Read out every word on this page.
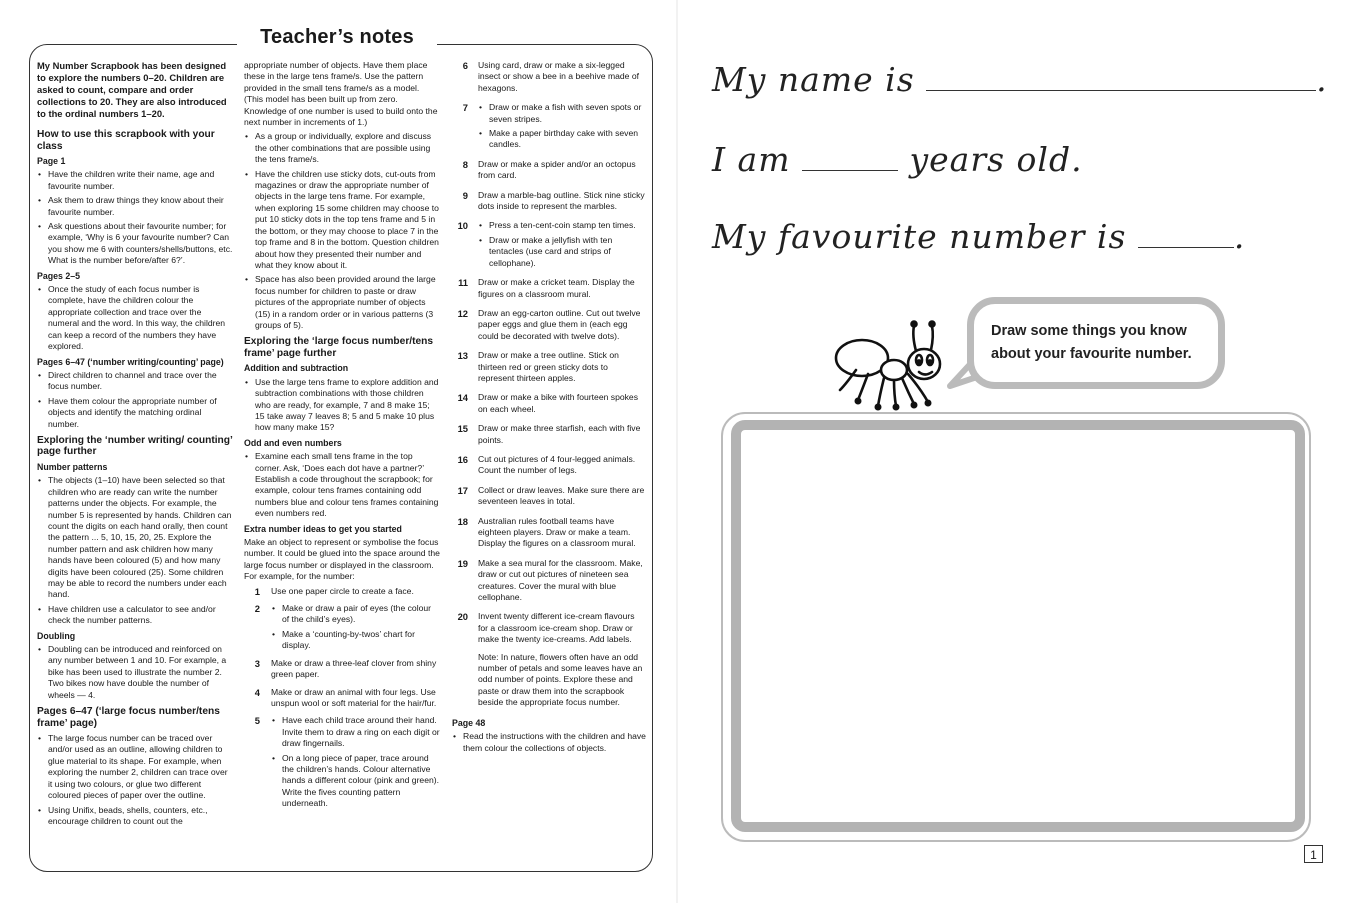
Teacher’s notes

My Number Scrapbook has been designed to explore the numbers 0–20. Children are asked to count, compare and order collections to 20. They are also introduced to the ordinal numbers 1–20.

How to use this scrapbook with your class
Page 1
• Have the children write their name, age and favourite number.
• Ask them to draw things they know about their favourite number.
• Ask questions about their favourite number; for example, ‘Why is 6 your favourite number? Can you show me 6 with counters/shells/buttons, etc. What is the number before/after 6?’.
Pages 2–5
• Once the study of each focus number is complete, have the children colour the appropriate collection and trace over the numeral and the word. In this way, the children can keep a record of the numbers they have explored.
Pages 6–47 (‘number writing/counting’ page)
• Direct children to channel and trace over the focus number.
• Have them colour the appropriate number of objects and identify the matching ordinal number.
Exploring the ‘number writing/ counting’ page further
Number patterns
• The objects (1–10) have been selected so that children who are ready can write the number patterns under the objects. For example, the number 5 is represented by hands. Children can count the digits on each hand orally, then count the pattern ... 5, 10, 15, 20, 25. Explore the number pattern and ask children how many hands have been coloured (5) and how many digits have been coloured (25). Some children may be able to record the numbers under each hand.
• Have children use a calculator to see and/or check the number patterns.
Doubling
• Doubling can be introduced and reinforced on any number between 1 and 10. For example, a bike has been used to illustrate the number 2. Two bikes now have double the number of wheels — 4.
Pages 6–47 (‘large focus number/tens frame’ page)
• The large focus number can be traced over and/or used as an outline, allowing children to glue material to its shape. For example, when exploring the number 2, children can trace over it using two colours, or glue two different coloured pieces of paper over the outline.
• Using Unifix, beads, shells, counters, etc., encourage children to count out the

appropriate number of objects. Have them place these in the large tens frame/s. Use the pattern provided in the small tens frame/s as a model. (This model has been built up from zero. Knowledge of one number is used to build onto the next number in increments of 1.)

• As a group or individually, explore and discuss the other combinations that are possible using the tens frame/s.
• Have the children use sticky dots, cut-outs from magazines or draw the appropriate number of objects in the large tens frame. For example, when exploring 15 some children may choose to put 10 sticky dots in the top tens frame and 5 in the bottom, or they may choose to place 7 in the top frame and 8 in the bottom. Question children about how they presented their number and what they know about it.
• Space has also been provided around the large focus number for children to paste or draw pictures of the appropriate number of objects (15) in a random order or in various patterns (3 groups of 5).
Exploring the ‘large focus number/tens frame’ page further
Addition and subtraction
• Use the large tens frame to explore addition and subtraction combinations with those children who are ready, for example, 7 and 8 make 15; 15 take away 7 leaves 8; 5 and 5 make 10 plus how many make 15?
Odd and even numbers
• Examine each small tens frame in the top corner. Ask, ‘Does each dot have a partner?’ Establish a code throughout the scrapbook; for example, colour tens frames containing odd numbers blue and colour tens frames containing even numbers red.
Extra number ideas to get you started

Make an object to represent or symbolise the focus number. It could be glued into the space around the large focus number or displayed in the classroom. For example, for the number:

1 Use one paper circle to create a face.
2	• Make or draw a pair of eyes (the colour of the child’s eyes).
• Make a ‘counting-by-twos’ chart for display.
3 Make or draw a three-leaf clover from shiny green paper.
4 Make or draw an animal with four legs. Use unspun wool or soft material for the hair/fur.
5	• Have each child trace around their hand. Invite them to draw a ring on each digit or draw fingernails.
• On a long piece of paper, trace around the children’s hands. Colour alternative hands a different colour (pink and green). Write the fives counting pattern underneath.
6 Using card, draw or make a six-legged insect or show a bee in a beehive made of hexagons.
7	• Draw or make a fish with seven spots or seven stripes.
• Make a paper birthday cake with seven candles.
8 Draw or make a spider and/or an octopus from card.
9 Draw a marble-bag outline. Stick nine sticky dots inside to represent the marbles.
10	• Press a ten-cent-coin stamp ten times.
• Draw or make a jellyfish with ten tentacles (use card and strips of cellophane).
11 Draw or make a cricket team. Display the figures on a classroom mural.
12 Draw an egg-carton outline. Cut out twelve paper eggs and glue them in (each egg could be decorated with twelve dots).
13 Draw or make a tree outline. Stick on thirteen red or green sticky dots to represent thirteen apples.
14 Draw or make a bike with fourteen spokes on each wheel.
15 Draw or make three starfish, each with five points.
16 Cut out pictures of 4 four-legged animals. Count the number of legs.
17 Collect or draw leaves. Make sure there are seventeen leaves in total.
18 Australian rules football teams have eighteen players. Draw or make a team. Display the figures on a classroom mural.
19 Make a sea mural for the classroom. Make, draw or cut out pictures of nineteen sea creatures. Cover the mural with blue cellophane.
20 Invent twenty different ice-cream flavours for a classroom ice-cream shop. Draw or make the twenty ice-creams. Add labels.

Note: In nature, flowers often have an odd number of petals and some leaves have an odd number of points. Explore these and paste or draw them into the scrapbook beside the appropriate focus number.

Page 48
• Read the instructions with the children and have them colour the collections of objects.
My name is	.
I am	years old.
My favourite number is	.
Draw some things you know
about your favourite number.
1
